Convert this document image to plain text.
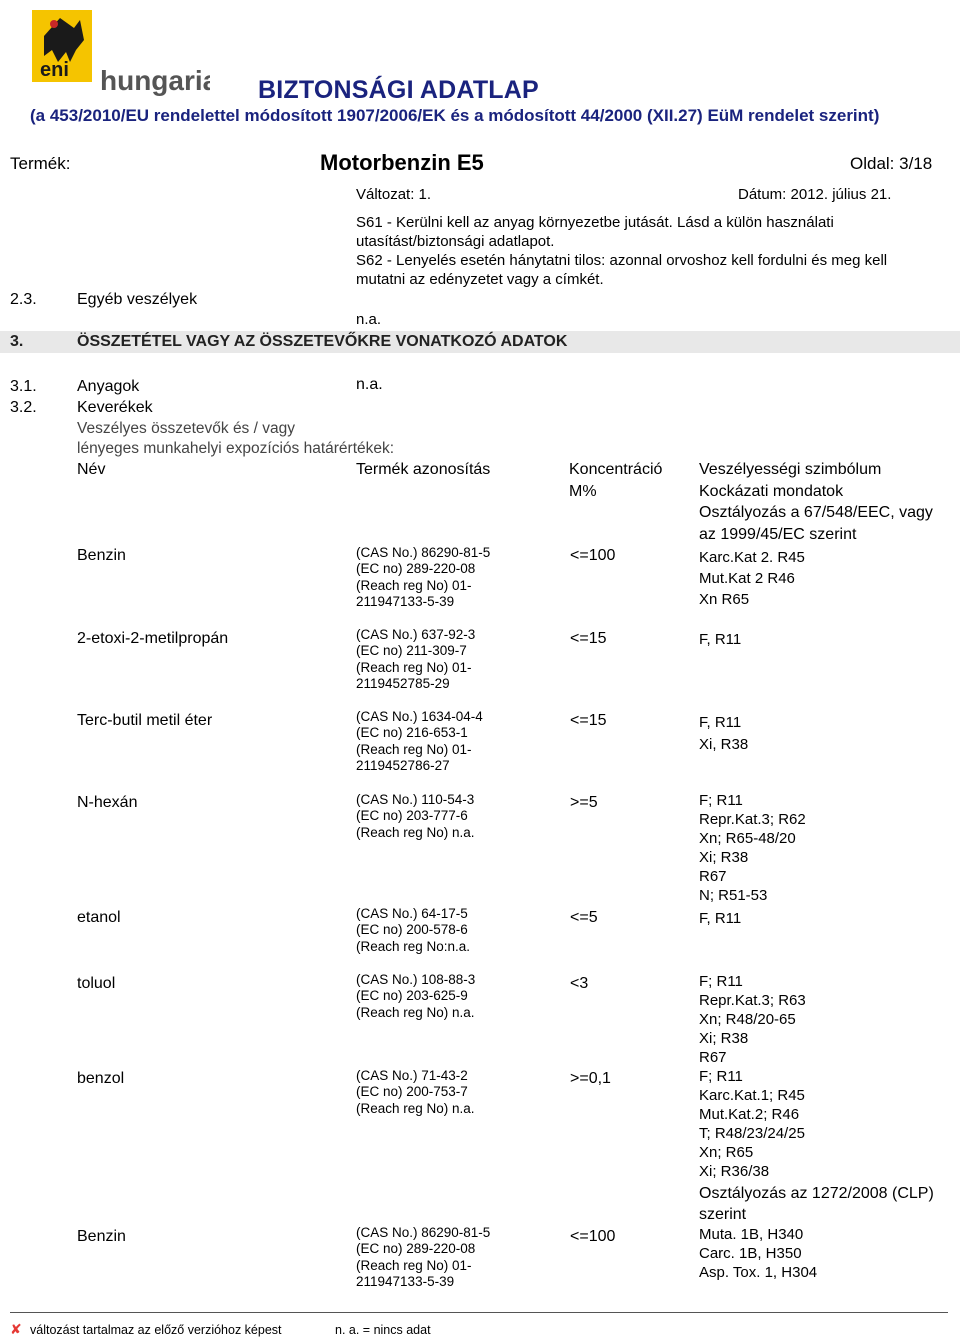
eni hungaria BIZTONSÁGI ADATLAP
(a 453/2010/EU rendelettel módosított 1907/2006/EK és a módosított 44/2000 (XII.27) EüM rendelet szerint)
Termék:	Motorbenzin E5	Oldal: 3/18
Változat: 1.	Dátum: 2012. július 21.
S61 - Kerülni kell az anyag környezetbe jutását. Lásd a külön használati
utasítást/biztonsági adatlapot.
S62 - Lenyelés esetén hánytatni tilos: azonnal orvoshoz kell fordulni és meg kell
mutatni az edényzetet vagy a címkét.
2.3.	Egyéb veszélyek
n.a.
3.	ÖSSZETÉTEL VAGY AZ ÖSSZETEVŐKRE VONATKOZÓ ADATOK
3.1.	Anyagok	n.a.
3.2.	Keverékek
Veszélyes összetevők és / vagy
lényeges munkahelyi expozíciós határértékek:
Név	Termék azonosítás	Koncentráció
M%
Veszélyességi szimbólum
Kockázati mondatok
Osztályozás a 67/548/EEC, vagy
az 1999/45/EC szerint
Benzin	(CAS No.) 86290-81-5
(EC no) 289-220-08
(Reach reg No) 01-
211947133-5-39
<=100	Karc.Kat 2. R45
Mut.Kat 2 R46
Xn R65
2-etoxi-2-metilpropán	(CAS No.) 637-92-3
(EC no) 211-309-7
(Reach reg No) 01-
2119452785-29
<=15	F, R11
Terc-butil metil éter	(CAS No.) 1634-04-4
(EC no) 216-653-1
(Reach reg No) 01-
2119452786-27
<=15	F, R11
Xi, R38
N-hexán	(CAS No.) 110-54-3
(EC no) 203-777-6
(Reach reg No) n.a.
>=5	F; R11
Repr.Kat.3; R62
Xn; R65-48/20
Xi; R38
R67
N; R51-53
etanol	(CAS No.) 64-17-5
(EC no) 200-578-6
(Reach reg No:n.a.
<=5	F, R11
toluol	(CAS No.) 108-88-3
(EC no) 203-625-9
(Reach reg No) n.a.
<3	F; R11
Repr.Kat.3; R63
Xn; R48/20-65
Xi; R38
R67
benzol	(CAS No.) 71-43-2
(EC no) 200-753-7
(Reach reg No) n.a.
>=0,1	F; R11
Karc.Kat.1; R45
Mut.Kat.2; R46
T; R48/23/24/25
Xn; R65
Xi; R36/38
Osztályozás az 1272/2008 (CLP)
szerint
Benzin	(CAS No.) 86290-81-5
(EC no) 289-220-08
(Reach reg No) 01-
211947133-5-39
<=100	Muta. 1B, H340
Carc. 1B, H350
Asp. Tox. 1, H304
✘ változást tartalmaz az előző verzióhoz képest	n. a. = nincs adat
